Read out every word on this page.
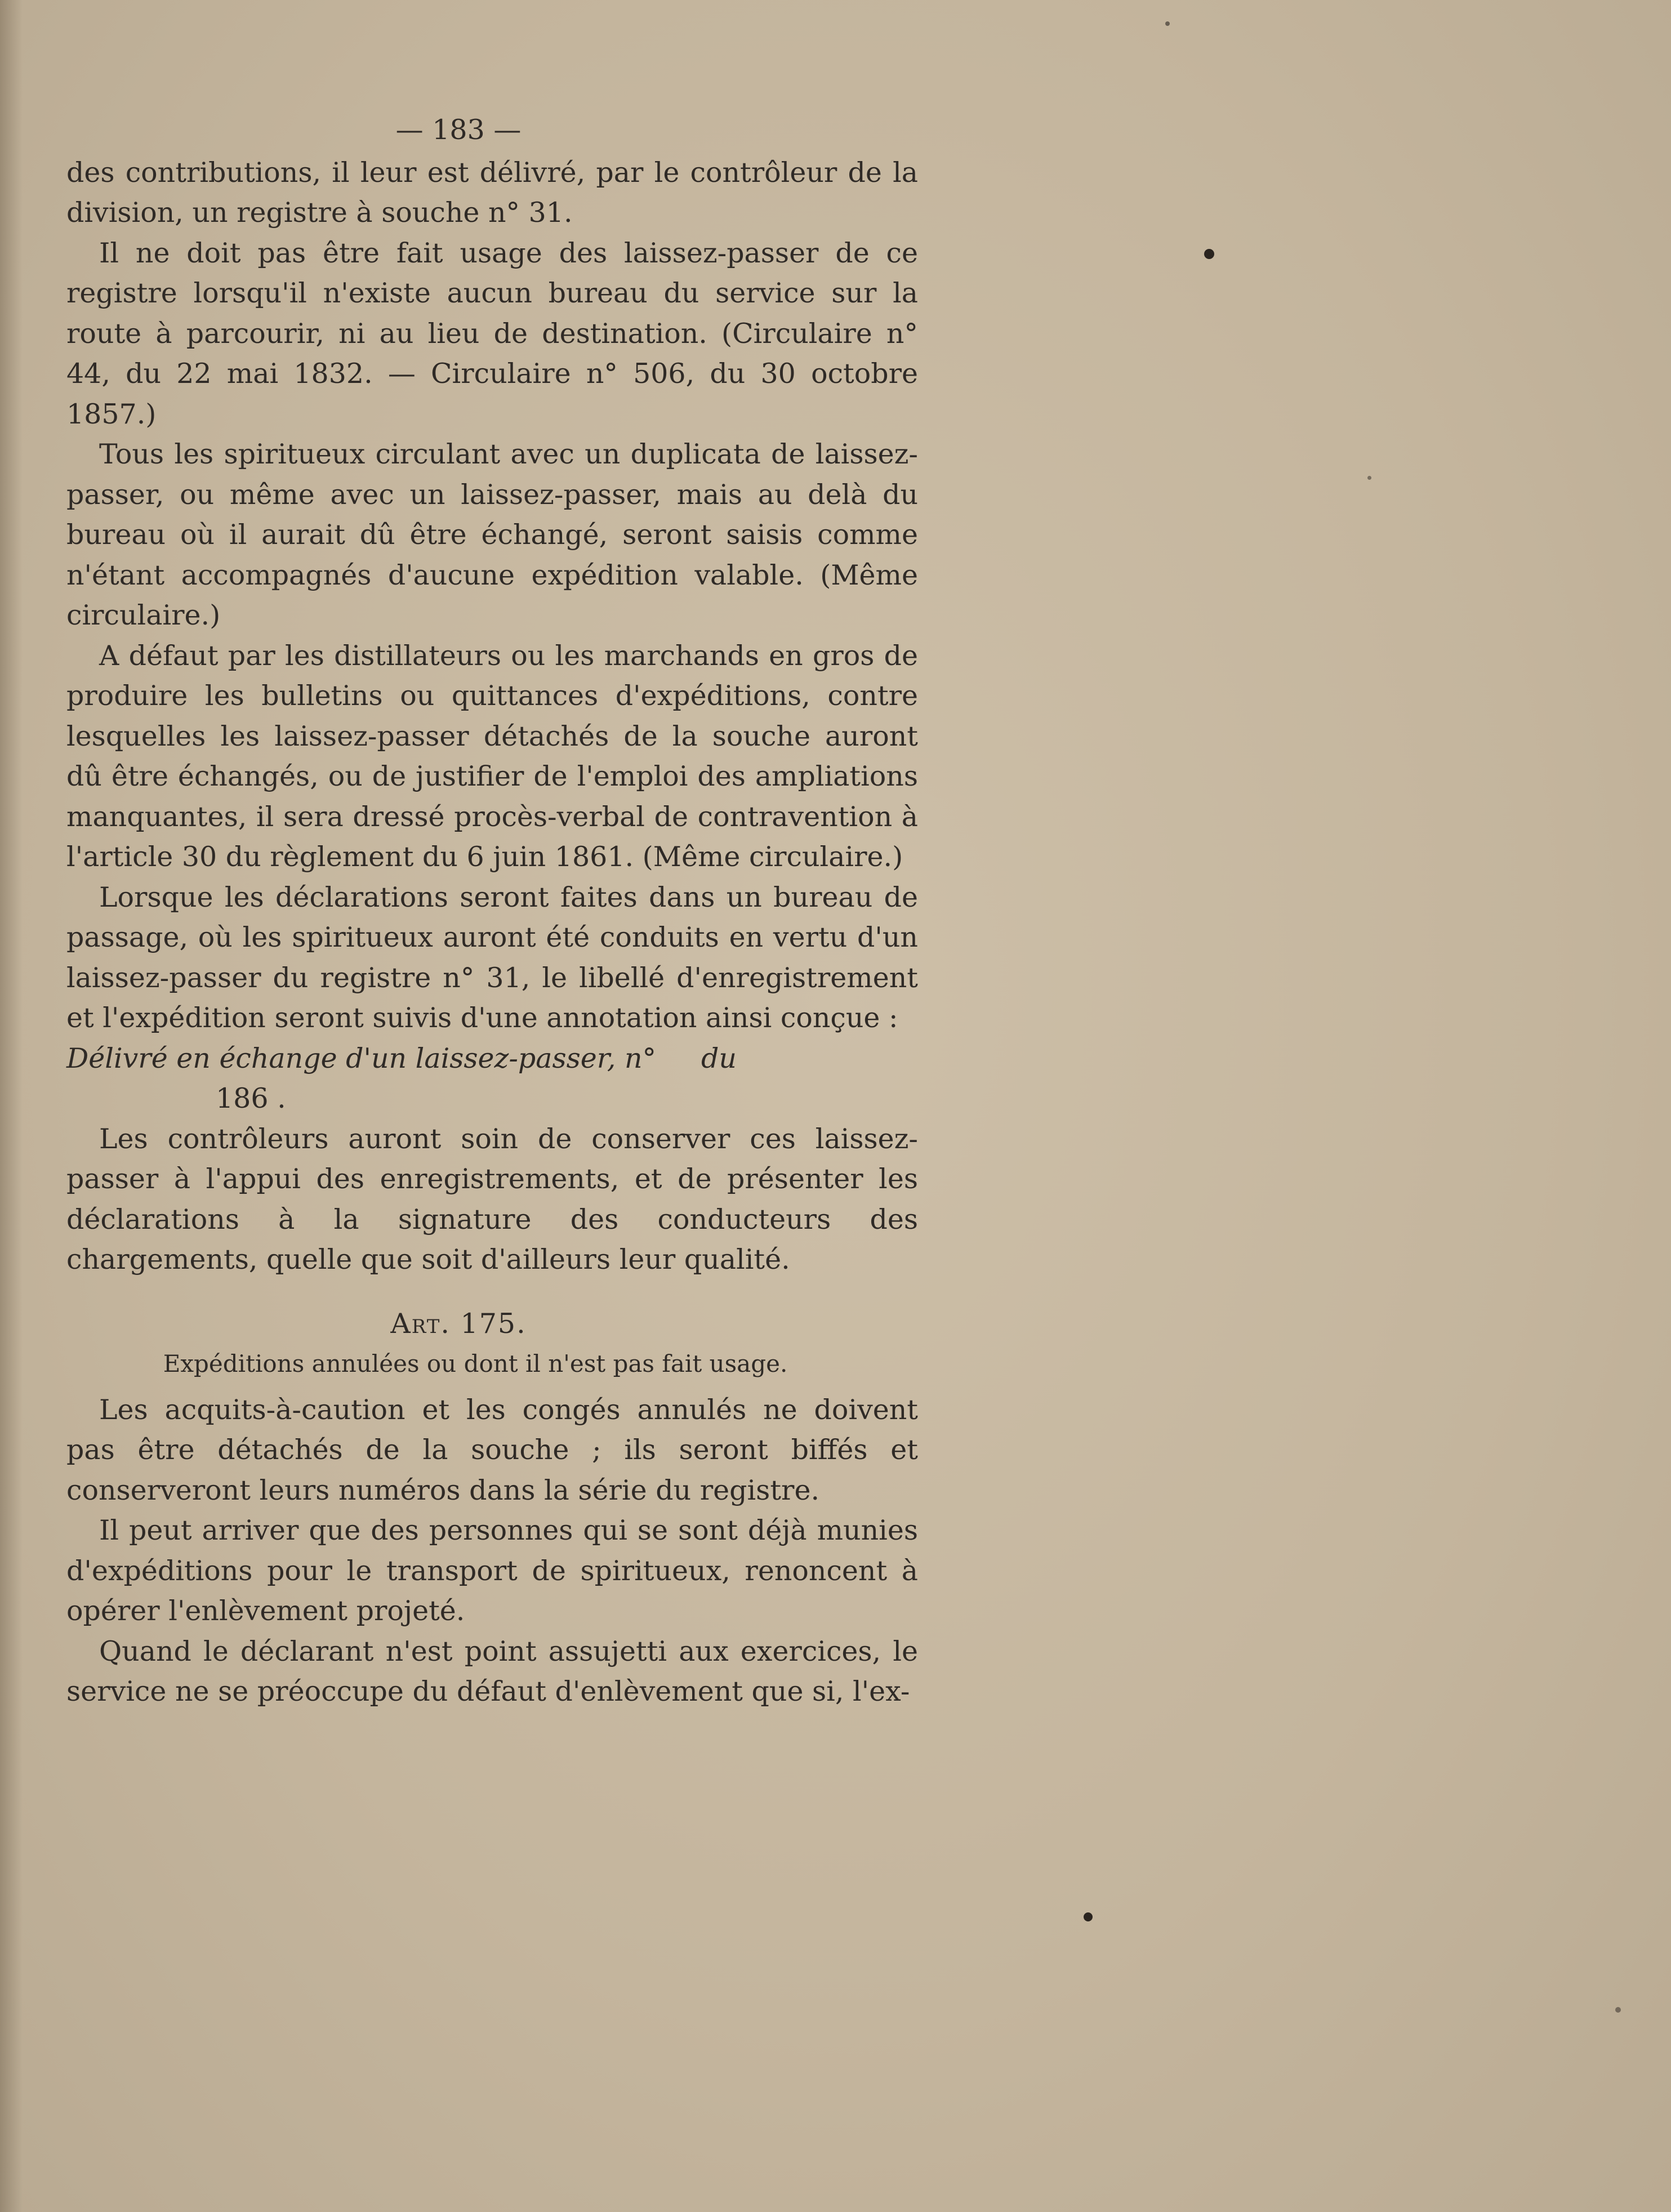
— 183 —

des contributions, il leur est délivré, par le contrôleur de la division, un registre à souche n° 31.

Il ne doit pas être fait usage des laissez-passer de ce registre lorsqu'il n'existe aucun bureau du service sur la route à parcourir, ni au lieu de destination. (Circulaire n° 44, du 22 mai 1832. — Circulaire n° 506, du 30 octobre 1857.)

Tous les spiritueux circulant avec un duplicata de laissez-passer, ou même avec un laissez-passer, mais au delà du bureau où il aurait dû être échangé, seront saisis comme n'étant accompagnés d'aucune expédition valable. (Même circulaire.)

A défaut par les distillateurs ou les marchands en gros de produire les bulletins ou quittances d'expéditions, contre lesquelles les laissez-passer détachés de la souche auront dû être échangés, ou de justifier de l'emploi des ampliations manquantes, il sera dressé procès-verbal de contravention à l'article 30 du règlement du 6 juin 1861. (Même circulaire.)

Lorsque les déclarations seront faites dans un bureau de passage, où les spiritueux auront été conduits en vertu d'un laissez-passer du registre n° 31, le libellé d'enregistrement et l'expédition seront suivis d'une annotation ainsi conçue :

Délivré en échange d'un laissez-passer, n° du

186 .

Les contrôleurs auront soin de conserver ces laissez-passer à l'appui des enregistrements, et de présenter les déclarations à la signature des conducteurs des chargements, quelle que soit d'ailleurs leur qualité.

Art. 175.

Expéditions annulées ou dont il n'est pas fait usage.

Les acquits-à-caution et les congés annulés ne doivent pas être détachés de la souche ; ils seront biffés et conserveront leurs numéros dans la série du registre.

Il peut arriver que des personnes qui se sont déjà munies d'expéditions pour le transport de spiritueux, renoncent à opérer l'enlèvement projeté.

Quand le déclarant n'est point assujetti aux exercices, le service ne se préoccupe du défaut d'enlèvement que si, l'ex-
